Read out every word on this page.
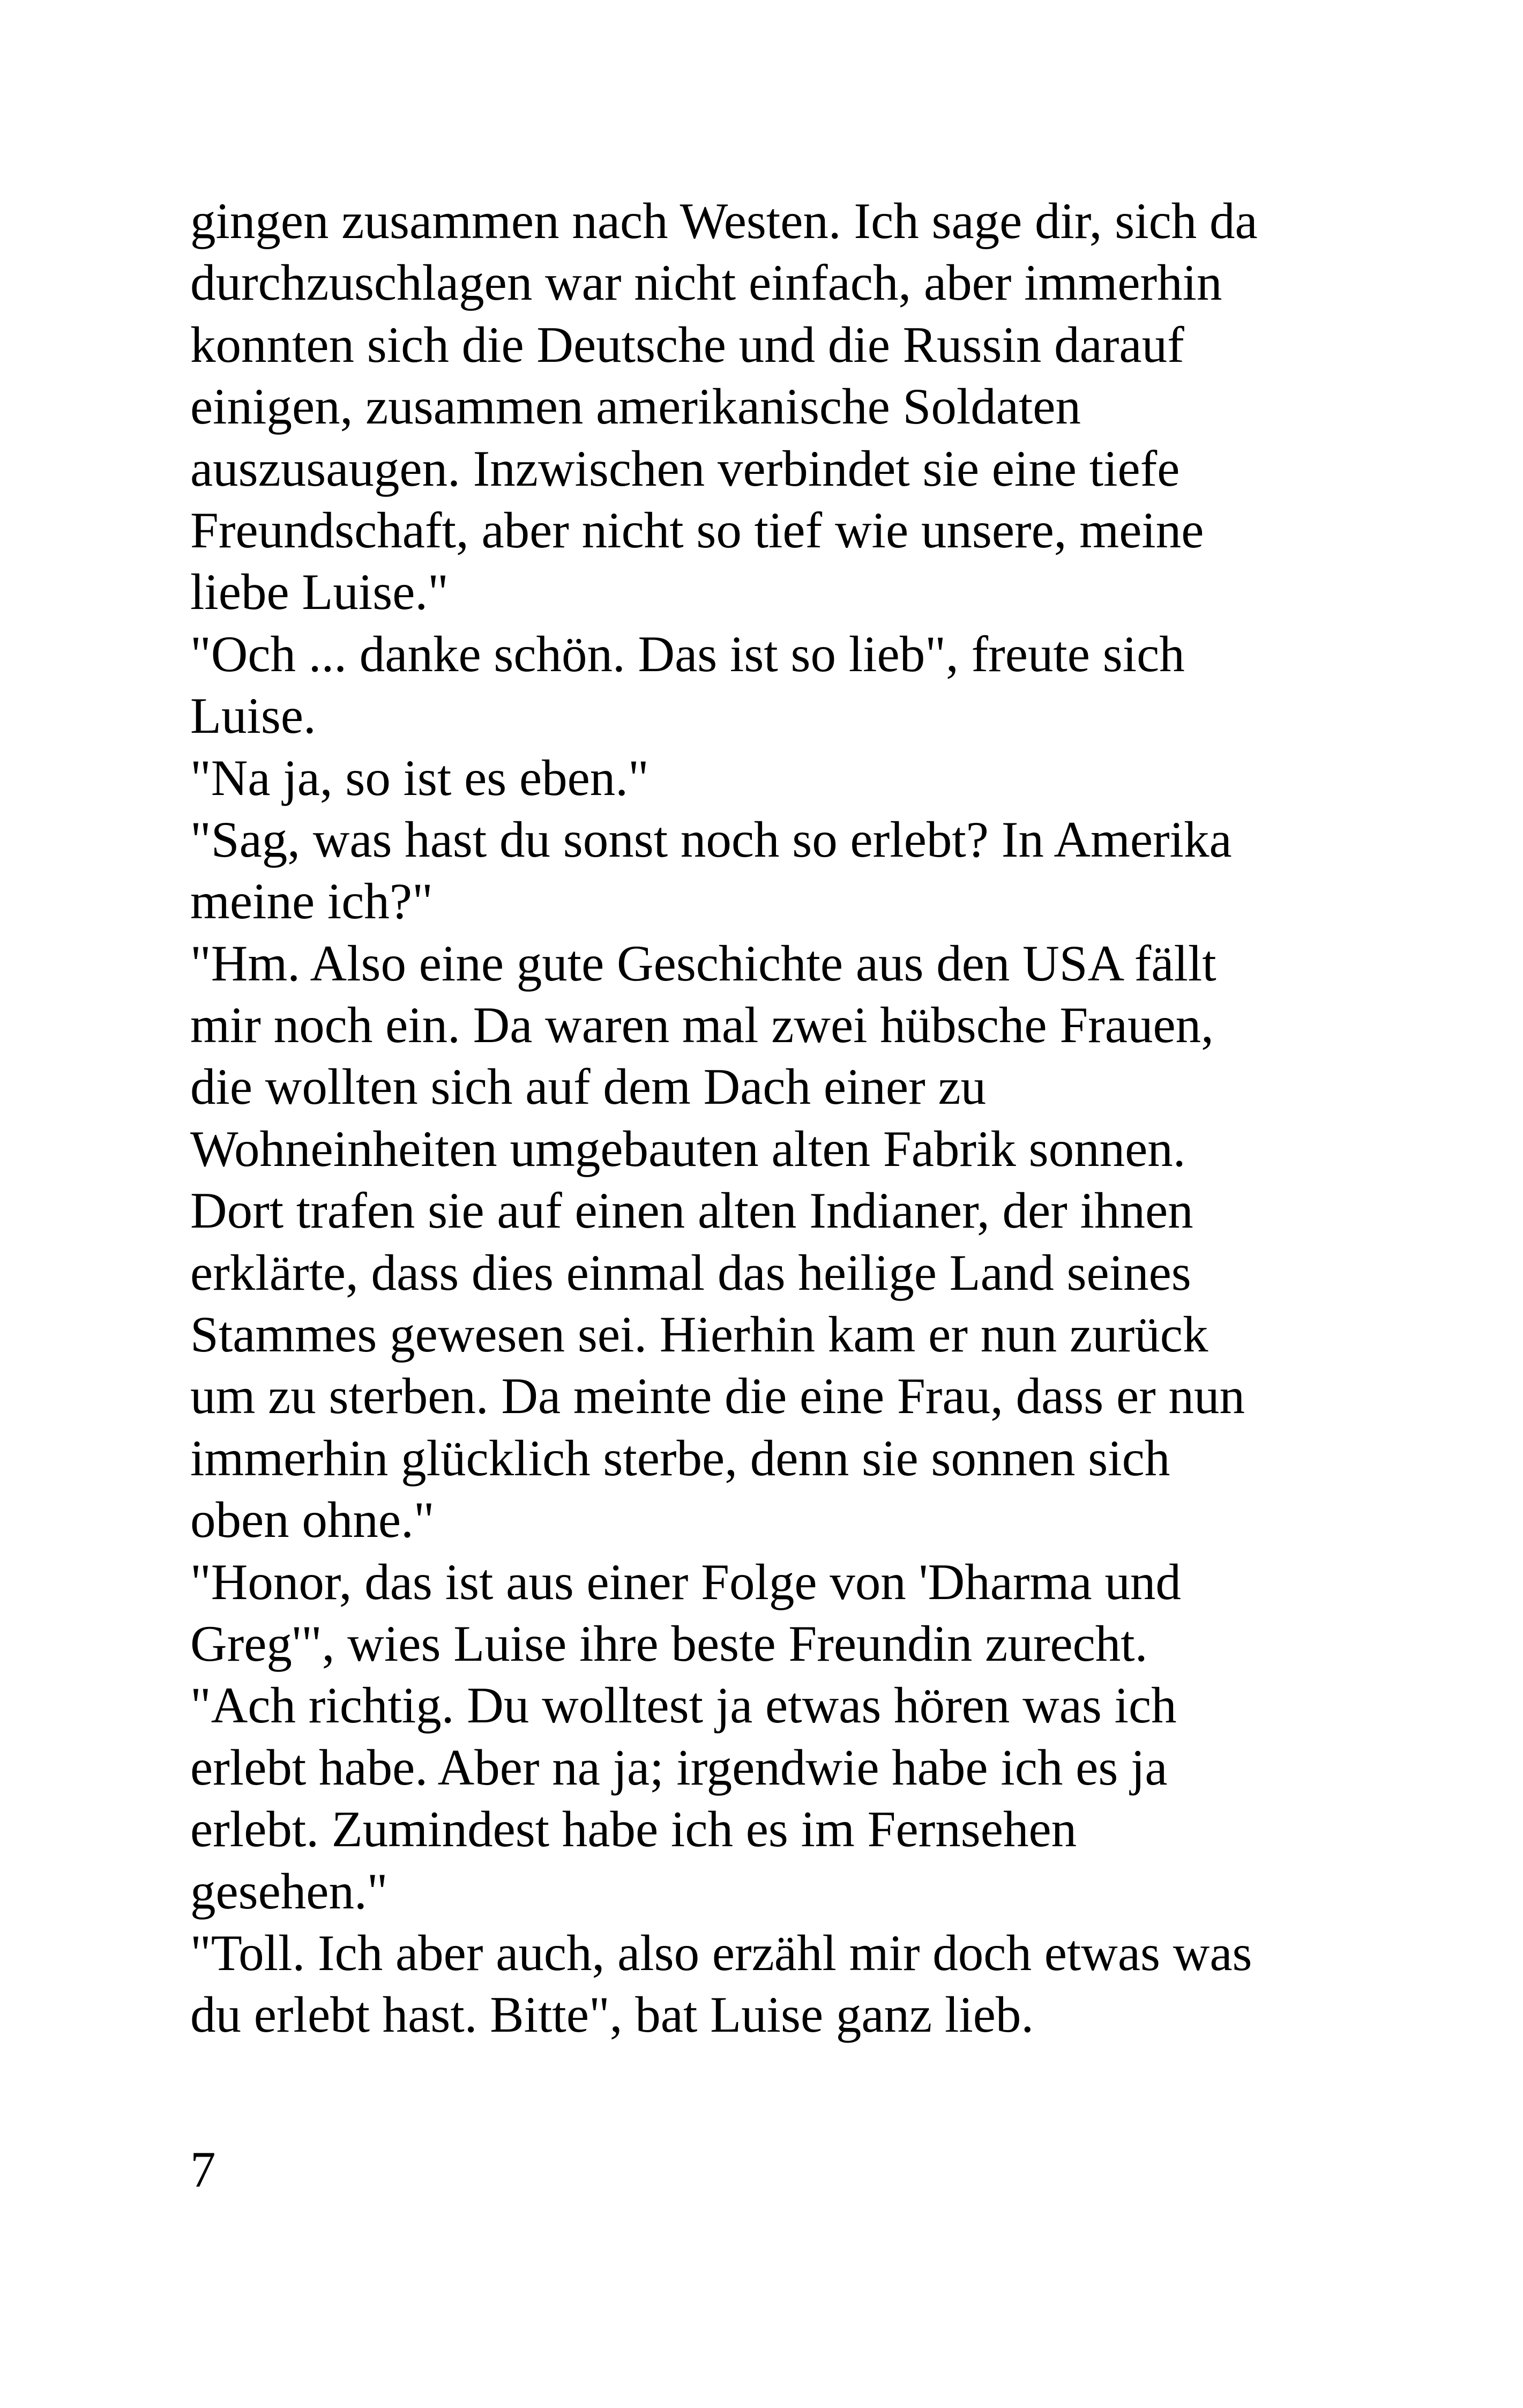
gingen zusammen nach Westen. Ich sage dir, sich da
durchzuschlagen war nicht einfach, aber immerhin
konnten sich die Deutsche und die Russin darauf
einigen, zusammen amerikanische Soldaten
auszusaugen. Inzwischen verbindet sie eine tiefe
Freundschaft, aber nicht so tief wie unsere, meine
liebe Luise."
"Och ... danke schön. Das ist so lieb", freute sich
Luise.
"Na ja, so ist es eben."
"Sag, was hast du sonst noch so erlebt? In Amerika
meine ich?"
"Hm. Also eine gute Geschichte aus den USA fällt
mir noch ein. Da waren mal zwei hübsche Frauen,
die wollten sich auf dem Dach einer zu
Wohneinheiten umgebauten alten Fabrik sonnen.
Dort trafen sie auf einen alten Indianer, der ihnen
erklärte, dass dies einmal das heilige Land seines
Stammes gewesen sei. Hierhin kam er nun zurück
um zu sterben. Da meinte die eine Frau, dass er nun
immerhin glücklich sterbe, denn sie sonnen sich
oben ohne."
"Honor, das ist aus einer Folge von 'Dharma und
Greg'", wies Luise ihre beste Freundin zurecht.
"Ach richtig. Du wolltest ja etwas hören was ich
erlebt habe. Aber na ja; irgendwie habe ich es ja
erlebt. Zumindest habe ich es im Fernsehen
gesehen."
"Toll. Ich aber auch, also erzähl mir doch etwas was
du erlebt hast. Bitte", bat Luise ganz lieb.
7
